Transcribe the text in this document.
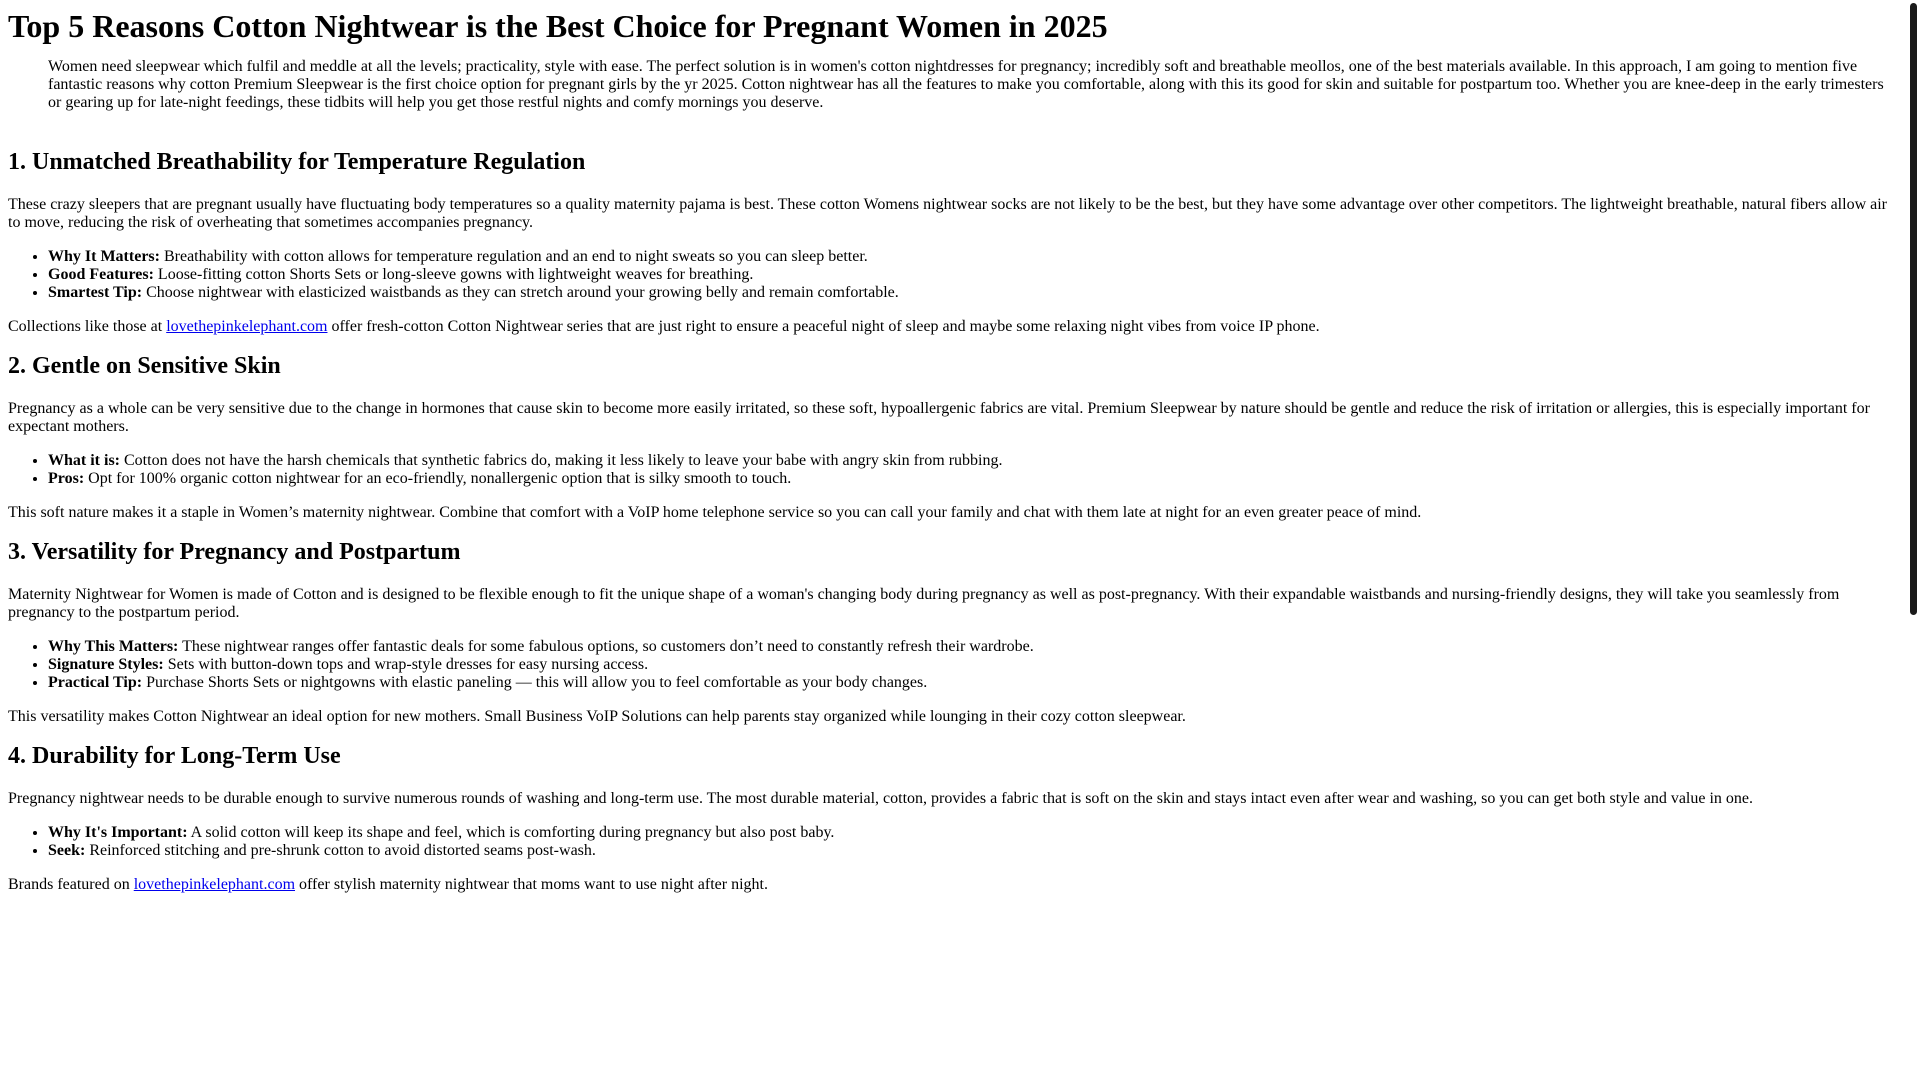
Top 5 Reasons Cotton Nightwear is the Best Choice for Pregnant Women in 2025

Women need sleepwear which fulfil and meddle at all the levels; practicality, style with ease. The perfect solution is in women's cotton nightdresses for pregnancy; incredibly soft and breathable meollos, one of the best materials available. In this approach, I am going to mention five fantastic reasons why cotton Premium Sleepwear is the first choice option for pregnant girls by the yr 2025. Cotton nightwear has all the features to make you comfortable, along with this its good for skin and suitable for postpartum too. Whether you are knee-deep in the early trimesters or gearing up for late-night feedings, these tidbits will help you get those restful nights and comfy mornings you deserve.

1. Unmatched Breathability for Temperature Regulation

These crazy sleepers that are pregnant usually have fluctuating body temperatures so a quality maternity pajama is best. These cotton Womens nightwear socks are not likely to be the best, but they have some advantage over other competitors. The lightweight breathable, natural fibers allow air to move, reducing the risk of overheating that sometimes accompanies pregnancy.

• Why It Matters: Breathability with cotton allows for temperature regulation and an end to night sweats so you can sleep better.
• Good Features: Loose-fitting cotton Shorts Sets or long-sleeve gowns with lightweight weaves for breathing.
• Smartest Tip: Choose nightwear with elasticized waistbands as they can stretch around your growing belly and remain comfortable.

Collections like those at lovethepinkelephant.com offer fresh-cotton Cotton Nightwear series that are just right to ensure a peaceful night of sleep and maybe some relaxing night vibes from voice IP phone.

2. Gentle on Sensitive Skin

Pregnancy as a whole can be very sensitive due to the change in hormones that cause skin to become more easily irritated, so these soft, hypoallergenic fabrics are vital. Premium Sleepwear by nature should be gentle and reduce the risk of irritation or allergies, this is especially important for expectant mothers.

• What it is: Cotton does not have the harsh chemicals that synthetic fabrics do, making it less likely to leave your babe with angry skin from rubbing.
• Pros: Opt for 100% organic cotton nightwear for an eco-friendly, nonallergenic option that is silky smooth to touch.

This soft nature makes it a staple in Women’s maternity nightwear. Combine that comfort with a VoIP home telephone service so you can call your family and chat with them late at night for an even greater peace of mind.

3. Versatility for Pregnancy and Postpartum

Maternity Nightwear for Women is made of Cotton and is designed to be flexible enough to fit the unique shape of a woman's changing body during pregnancy as well as post-pregnancy. With their expandable waistbands and nursing-friendly designs, they will take you seamlessly from pregnancy to the postpartum period.

• Why This Matters: These nightwear ranges offer fantastic deals for some fabulous options, so customers don’t need to constantly refresh their wardrobe.
• Signature Styles: Sets with button-down tops and wrap-style dresses for easy nursing access.
• Practical Tip: Purchase Shorts Sets or nightgowns with elastic paneling — this will allow you to feel comfortable as your body changes.

This versatility makes Cotton Nightwear an ideal option for new mothers. Small Business VoIP Solutions can help parents stay organized while lounging in their cozy cotton sleepwear.

4. Durability for Long-Term Use

Pregnancy nightwear needs to be durable enough to survive numerous rounds of washing and long-term use. The most durable material, cotton, provides a fabric that is soft on the skin and stays intact even after wear and washing, so you can get both style and value in one.

• Why It's Important: A solid cotton will keep its shape and feel, which is comforting during pregnancy but also post baby.
• Seek: Reinforced stitching and pre-shrunk cotton to avoid distorted seams post-wash.

Brands featured on lovethepinkelephant.com offer stylish maternity nightwear that moms want to use night after night.
